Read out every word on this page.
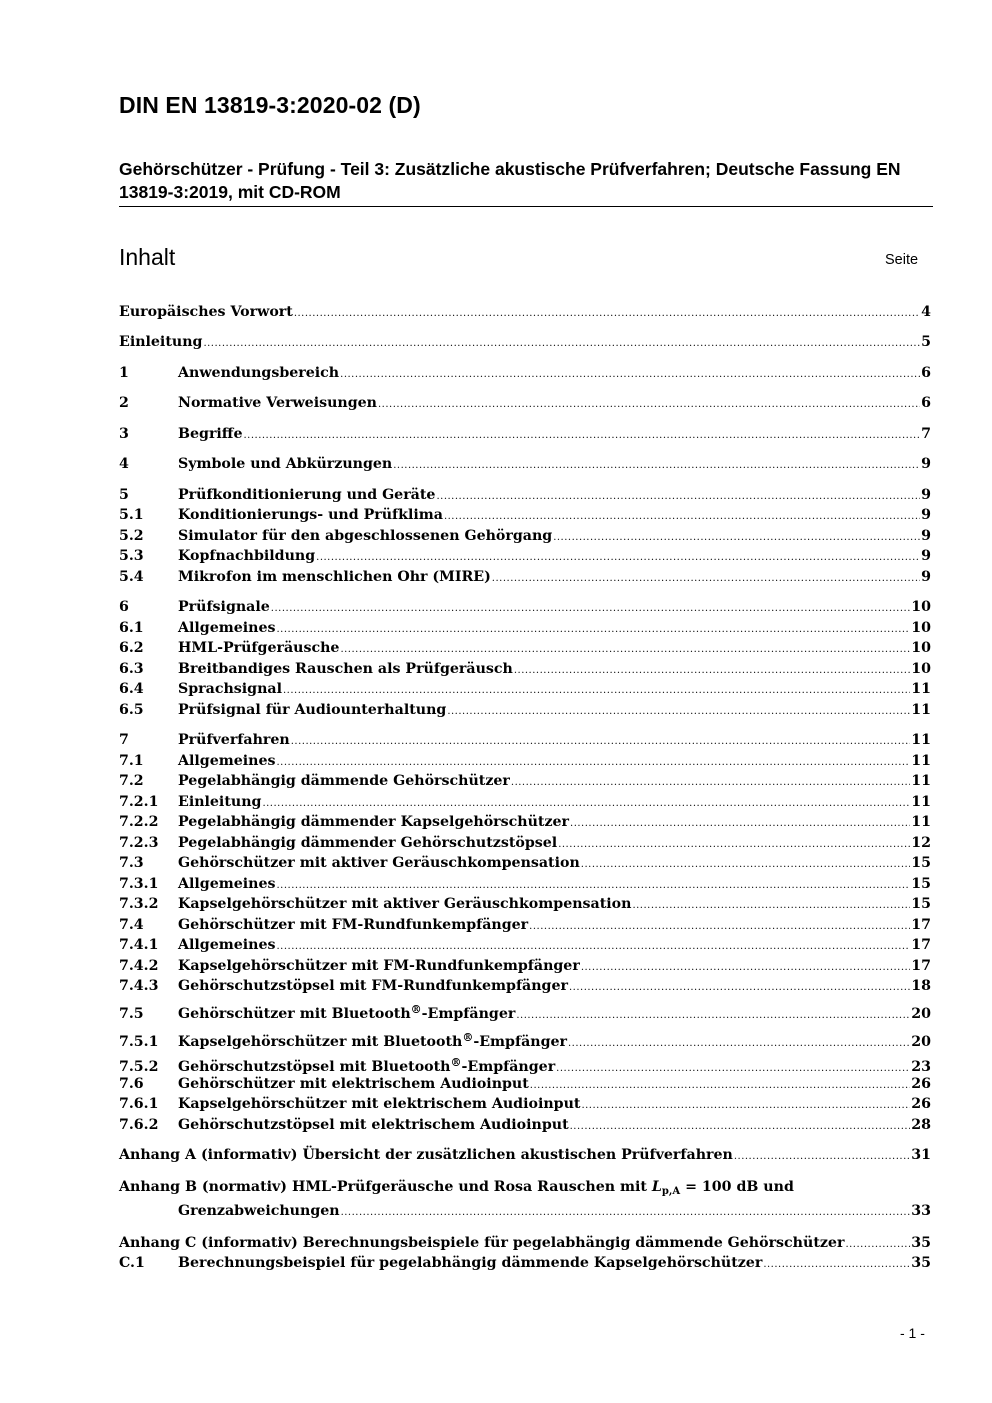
DIN EN 13819-3:2020-02 (D)
Gehörschützer - Prüfung - Teil 3: Zusätzliche akustische Prüfverfahren; Deutsche Fassung EN 13819-3:2019, mit CD-ROM
Inhalt	Seite
Europäisches Vorwort .....	4
Einleitung .....	5
1	Anwendungsbereich .....	6
2	Normative Verweisungen .....	6
3	Begriffe .....	7
4	Symbole und Abkürzungen .....	9
5	Prüfkonditionierung und Geräte .....	9
5.1	Konditionierungs- und Prüfklima .....	9
5.2	Simulator für den abgeschlossenen Gehörgang .....	9
5.3	Kopfnachbildung .....	9
5.4	Mikrofon im menschlichen Ohr (MIRE) .....	9
6	Prüfsignale .....	10
6.1	Allgemeines .....	10
6.2	HML-Prüfgeräusche .....	10
6.3	Breitbandiges Rauschen als Prüfgeräusch .....	10
6.4	Sprachsignal .....	11
6.5	Prüfsignal für Audiounterhaltung .....	11
7	Prüfverfahren .....	11
7.1	Allgemeines .....	11
7.2	Pegelabhängig dämmende Gehörschützer .....	11
7.2.1	Einleitung .....	11
7.2.2	Pegelabhängig dämmender Kapselgehörschützer .....	11
7.2.3	Pegelabhängig dämmender Gehörschutzstöpsel .....	12
7.3	Gehörschützer mit aktiver Geräuschkompensation .....	15
7.3.1	Allgemeines .....	15
7.3.2	Kapselgehörschützer mit aktiver Geräuschkompensation .....	15
7.4	Gehörschützer mit FM-Rundfunkempfänger .....	17
7.4.1	Allgemeines .....	17
7.4.2	Kapselgehörschützer mit FM-Rundfunkempfänger .....	17
7.4.3	Gehörschutzstöpsel mit FM-Rundfunkempfänger .....	18
7.5	Gehörschützer mit Bluetooth®-Empfänger .....	20
7.5.1	Kapselgehörschützer mit Bluetooth®-Empfänger .....	20
7.5.2	Gehörschutzstöpsel mit Bluetooth®-Empfänger .....	23
7.6	Gehörschützer mit elektrischem Audioinput .....	26
7.6.1	Kapselgehörschützer mit elektrischem Audioinput .....	26
7.6.2	Gehörschutzstöpsel mit elektrischem Audioinput .....	28
Anhang A (informativ) Übersicht der zusätzlichen akustischen Prüfverfahren .....	31
Anhang B (normativ) HML-Prüfgeräusche und Rosa Rauschen mit $L_{p,A} = 100$ dB und
Grenzabweichungen .....	33
Anhang C (informativ) Berechnungsbeispiele für pegelabhängig dämmende Gehörschützer .....	35
C.1	Berechnungsbeispiel für pegelabhängig dämmende Kapselgehörschützer .....	35
- 1 -
